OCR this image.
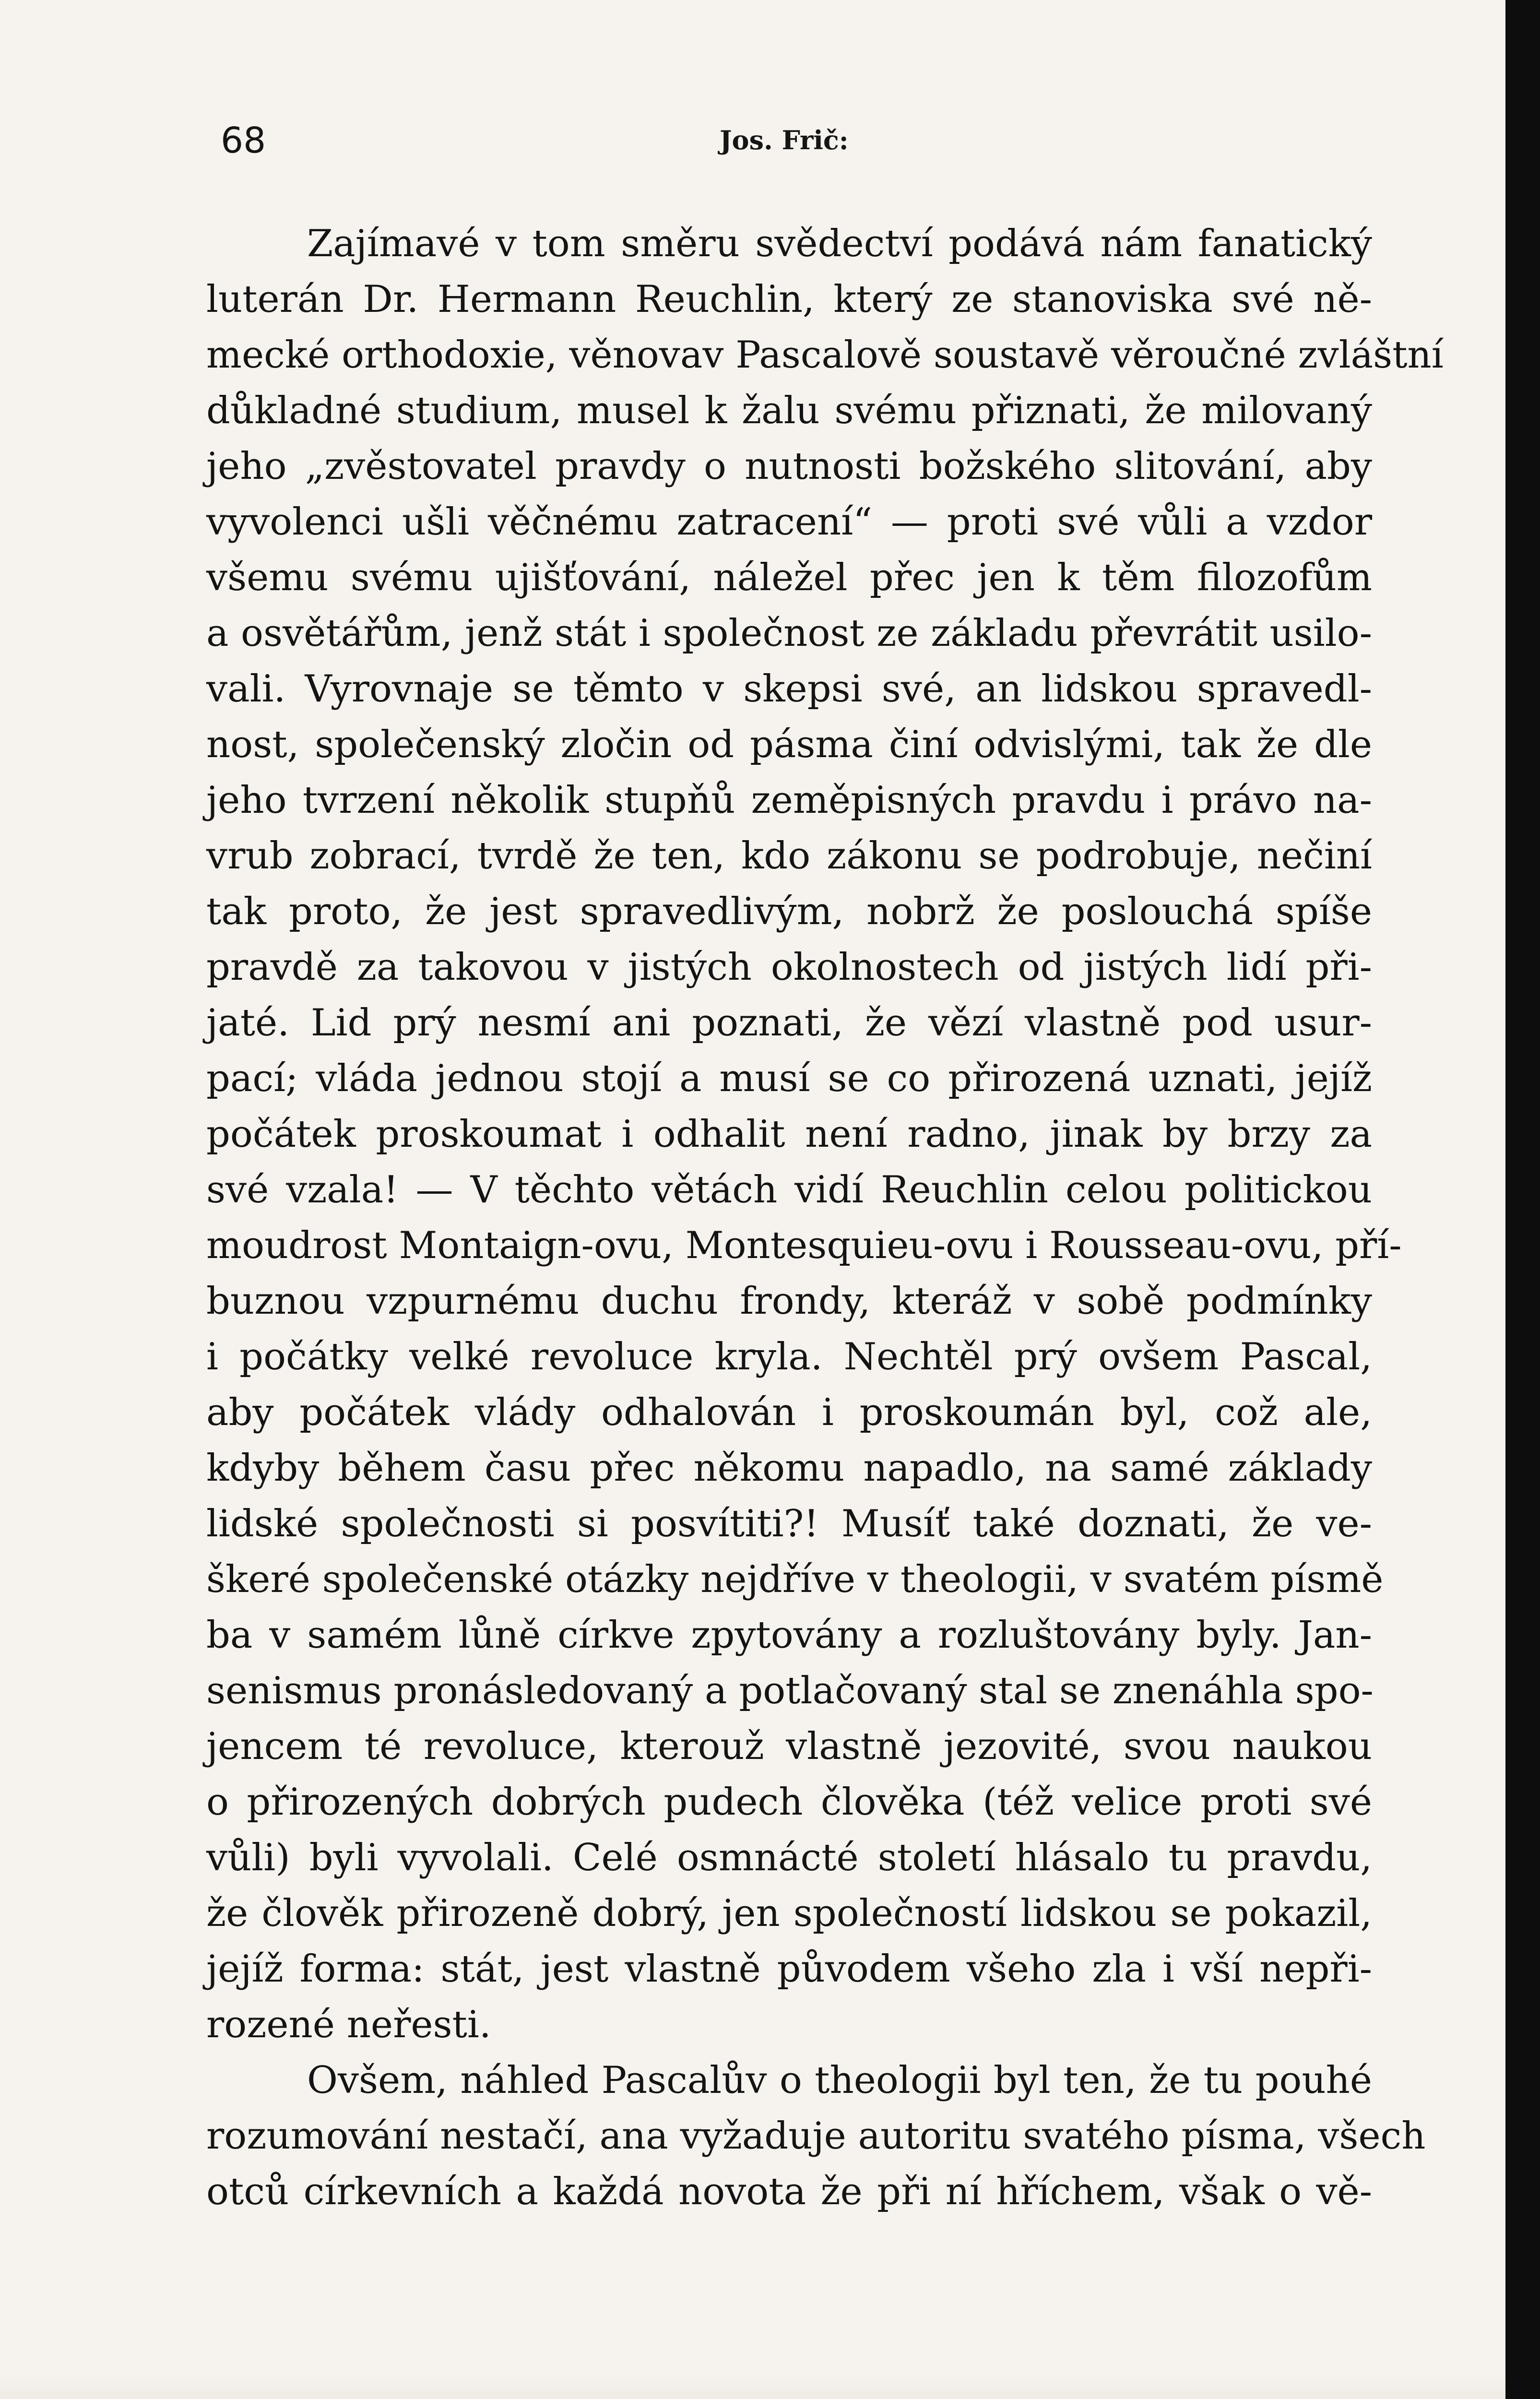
68	Jos. Frič:
Zajímavé v tom směru svědectví podává nám fanatický
luterán Dr. Hermann Reuchlin, který ze stanoviska své ně-
mecké orthodoxie, věnovav Pascalově soustavě věroučné zvláštní
důkladné studium, musel k žalu svému přiznati, že milovaný
jeho „zvěstovatel pravdy o nutnosti božského slitování, aby
vyvolenci ušli věčnému zatracení“ — proti své vůli a vzdor
všemu svému ujišťování, náležel přec jen k těm filozofům
a osvětářům, jenž stát i společnost ze základu převrátit usilo-
vali. Vyrovnaje se těmto v skepsi své, an lidskou spravedl-
nost, společenský zločin od pásma činí odvislými, tak že dle
jeho tvrzení několik stupňů zeměpisných pravdu i právo na-
vrub zobrací, tvrdě že ten, kdo zákonu se podrobuje, nečiní
tak proto, že jest spravedlivým, nobrž že poslouchá spíše
pravdě za takovou v jistých okolnostech od jistých lidí při-
jaté. Lid prý nesmí ani poznati, že vězí vlastně pod usur-
pací; vláda jednou stojí a musí se co přirozená uznati, jejíž
počátek proskoumat i odhalit není radno, jinak by brzy za
své vzala! — V těchto větách vidí Reuchlin celou politickou
moudrost Montaign-ovu, Montesquieu-ovu i Rousseau-ovu, pří-
buznou vzpurnému duchu frondy, kteráž v sobě podmínky
i počátky velké revoluce kryla. Nechtěl prý ovšem Pascal,
aby počátek vlády odhalován i proskoumán byl, což ale,
kdyby během času přec někomu napadlo, na samé základy
lidské společnosti si posvítiti?! Musíť také doznati, že ve-
škeré společenské otázky nejdříve v theologii, v svatém písmě
ba v samém lůně církve zpytovány a rozluštovány byly. Jan-
senismus pronásledovaný a potlačovaný stal se znenáhla spo-
jencem té revoluce, kterouž vlastně jezovité, svou naukou
o přirozených dobrých pudech člověka (též velice proti své
vůli) byli vyvolali. Celé osmnácté století hlásalo tu pravdu,
že člověk přirozeně dobrý, jen společností lidskou se pokazil,
jejíž forma: stát, jest vlastně původem všeho zla i vší nepři-
rozené neřesti.
Ovšem, náhled Pascalův o theologii byl ten, že tu pouhé
rozumování nestačí, ana vyžaduje autoritu svatého písma, všech
otců církevních a každá novota že při ní hříchem, však o vě-
